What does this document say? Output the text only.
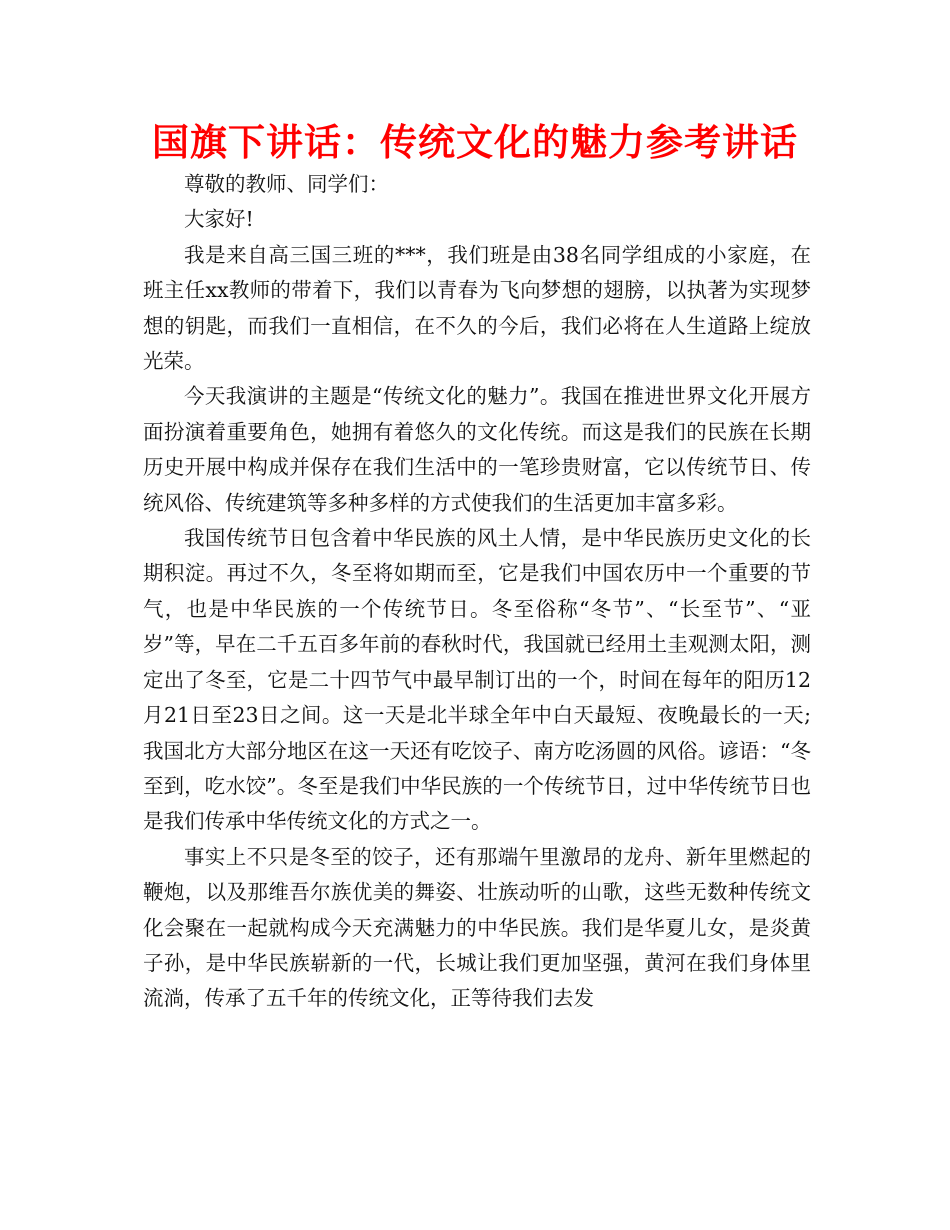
国旗下讲话：传统文化的魅力参考讲话

尊敬的教师、同学们：

大家好!

我是来自高三国三班的***，我们班是由38名同学组成的小家庭，在班主任xx教师的带着下，我们以青春为飞向梦想的翅膀，以执著为实现梦想的钥匙，而我们一直相信，在不久的今后，我们必将在人生道路上绽放光荣。

今天我演讲的主题是“传统文化的魅力”。我国在推进世界文化开展方面扮演着重要角色，她拥有着悠久的文化传统。而这是我们的民族在长期历史开展中构成并保存在我们生活中的一笔珍贵财富，它以传统节日、传统风俗、传统建筑等多种多样的方式使我们的生活更加丰富多彩。

我国传统节日包含着中华民族的风土人情，是中华民族历史文化的长期积淀。再过不久，冬至将如期而至，它是我们中国农历中一个重要的节气，也是中华民族的一个传统节日。冬至俗称“冬节”、“长至节”、“亚岁”等，早在二千五百多年前的春秋时代，我国就已经用土圭观测太阳，测定出了冬至，它是二十四节气中最早制订出的一个，时间在每年的阳历12月21日至23日之间。这一天是北半球全年中白天最短、夜晚最长的一天;我国北方大部分地区在这一天还有吃饺子、南方吃汤圆的风俗。谚语：“冬至到，吃水饺”。冬至是我们中华民族的一个传统节日，过中华传统节日也是我们传承中华传统文化的方式之一。

事实上不只是冬至的饺子，还有那端午里激昂的龙舟、新年里燃起的鞭炮，以及那维吾尔族优美的舞姿、壮族动听的山歌，这些无数种传统文化会聚在一起就构成今天充满魅力的中华民族。我们是华夏儿女，是炎黄子孙，是中华民族崭新的一代，长城让我们更加坚强，黄河在我们身体里流淌，传承了五千年的传统文化，正等待我们去发
